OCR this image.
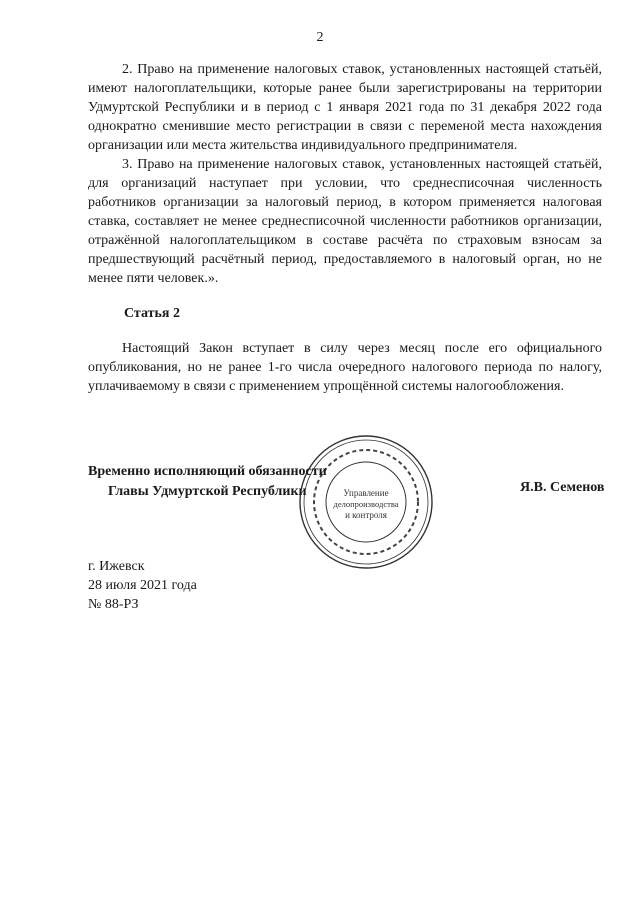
2

2. Право на применение налоговых ставок, установленных настоящей статьёй, имеют налогоплательщики, которые ранее были зарегистрированы на территории Удмуртской Республики и в период с 1 января 2021 года по 31 декабря 2022 года однократно сменившие место регистрации в связи с переменой места нахождения организации или места жительства индивидуального предпринимателя.

3. Право на применение налоговых ставок, установленных настоящей статьёй, для организаций наступает при условии, что среднесписочная численность работников организации за налоговый период, в котором применяется налоговая ставка, составляет не менее среднесписочной численности работников организации, отражённой налогоплательщиком в составе расчёта по страховым взносам за предшествующий расчётный период, предоставляемого в налоговый орган, но не менее пяти человек.».

Статья 2

Настоящий Закон вступает в силу через месяц после его официального опубликования, но не ранее 1-го числа очередного налогового периода по налогу, уплачиваемому в связи с применением упрощённой системы налогообложения.

Управление
делопроизводства
и контроля
Временно исполняющий обязанности
Главы Удмуртской Республики	Я.В. Семенов
г. Ижевск
28 июля 2021 года
№ 88-РЗ
